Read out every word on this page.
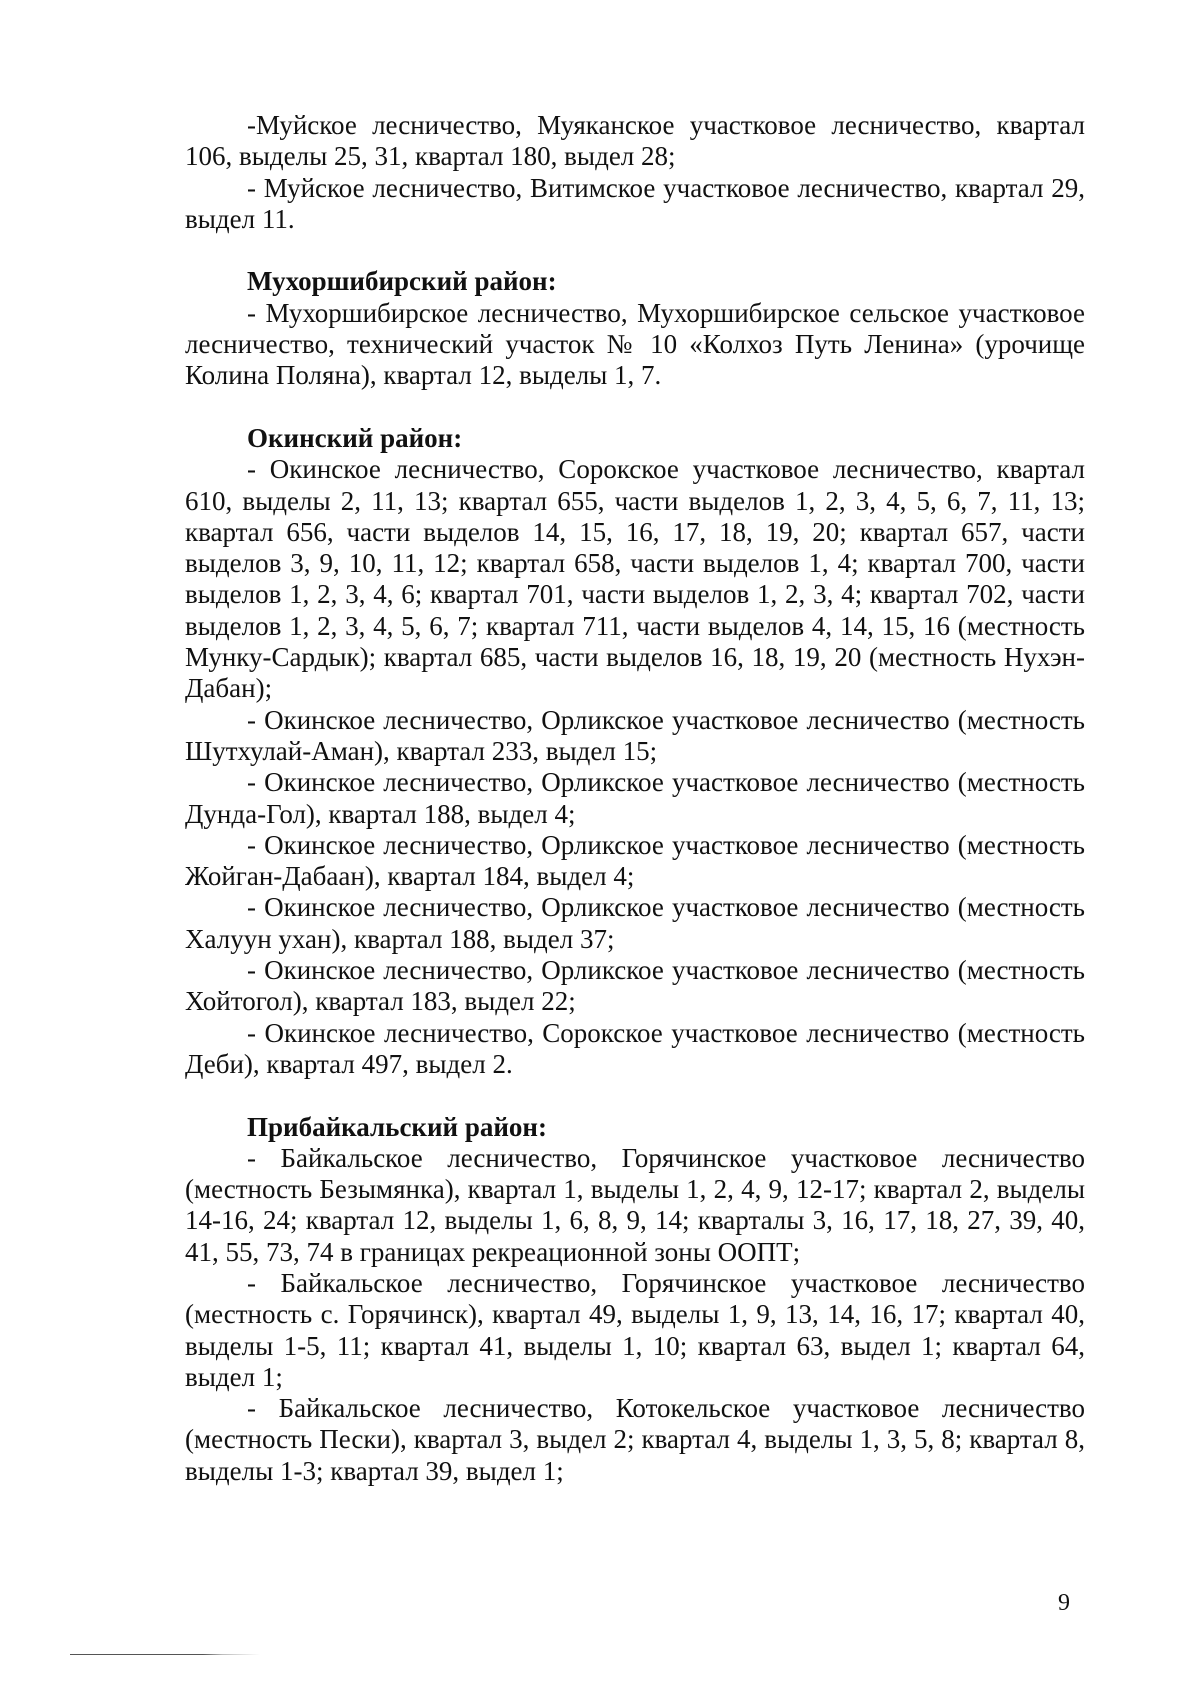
-Муйское лесничество, Муяканское участковое лесничество, квартал 106, выделы 25, 31, квартал 180, выдел 28;

- Муйское лесничество, Витимское участковое лесничество, квартал 29, выдел 11.

Мухоршибирский район:

- Мухоршибирское лесничество, Мухоршибирское сельское участковое лесничество, технический участок № 10 «Колхоз Путь Ленина» (урочище Колина Поляна), квартал 12, выделы 1, 7.

Окинский район:

- Окинское лесничество, Сорокское участковое лесничество, квартал 610, выделы 2, 11, 13; квартал 655, части выделов 1, 2, 3, 4, 5, 6, 7, 11, 13; квартал 656, части выделов 14, 15, 16, 17, 18, 19, 20; квартал 657, части выделов 3, 9, 10, 11, 12; квартал 658, части выделов 1, 4; квартал 700, части выделов 1, 2, 3, 4, 6; квартал 701, части выделов 1, 2, 3, 4; квартал 702, части выделов 1, 2, 3, 4, 5, 6, 7; квартал 711, части выделов 4, 14, 15, 16 (местность Мунку-Сардык); квартал 685, части выделов 16, 18, 19, 20 (местность Нухэн-Дабан);

- Окинское лесничество, Орликское участковое лесничество (местность Шутхулай-Аман), квартал 233, выдел 15;

- Окинское лесничество, Орликское участковое лесничество (местность Дунда-Гол), квартал 188, выдел 4;

- Окинское лесничество, Орликское участковое лесничество (местность Жойган-Дабаан), квартал 184, выдел 4;

- Окинское лесничество, Орликское участковое лесничество (местность Халуун ухан), квартал 188, выдел 37;

- Окинское лесничество, Орликское участковое лесничество (местность Хойтогол), квартал 183, выдел 22;

- Окинское лесничество, Сорокское участковое лесничество (местность Деби), квартал 497, выдел 2.

Прибайкальский район:

- Байкальское лесничество, Горячинское участковое лесничество (местность Безымянка), квартал 1, выделы 1, 2, 4, 9, 12-17; квартал 2, выделы 14-16, 24; квартал 12, выделы 1, 6, 8, 9, 14; кварталы 3, 16, 17, 18, 27, 39, 40, 41, 55, 73, 74 в границах рекреационной зоны ООПТ;

- Байкальское лесничество, Горячинское участковое лесничество (местность с. Горячинск), квартал 49, выделы 1, 9, 13, 14, 16, 17; квартал 40, выделы 1-5, 11; квартал 41, выделы 1, 10; квартал 63, выдел 1; квартал 64, выдел 1;

- Байкальское лесничество, Котокельское участковое лесничество (местность Пески), квартал 3, выдел 2; квартал 4, выделы 1, 3, 5, 8; квартал 8, выделы 1-3; квартал 39, выдел 1;

9
